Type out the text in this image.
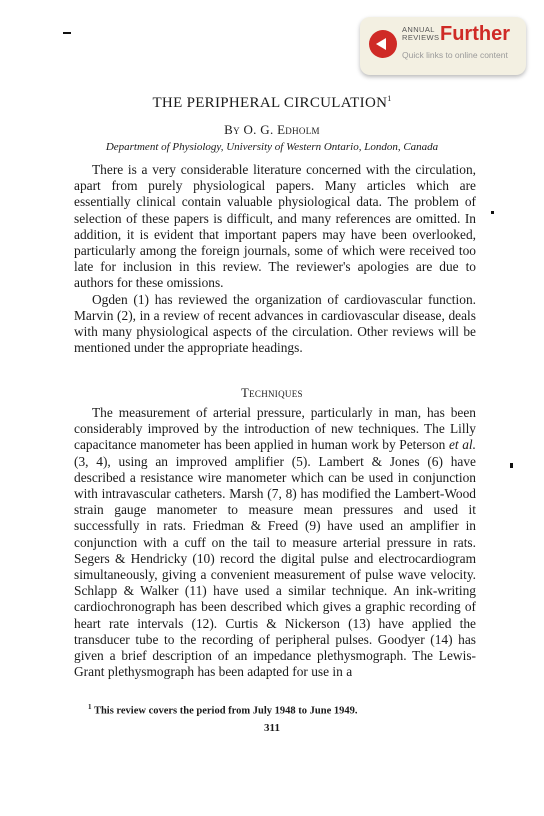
ANNUAL
REVIEWS Further
Quick links to online content
THE PERIPHERAL CIRCULATION$^1$
By O. G. Edholm
Department of Physiology, University of Western Ontario, London, Canada

There is a very considerable literature concerned with the circulation, apart from purely physiological papers. Many articles which are essentially clinical contain valuable physiological data. The problem of selection of these papers is difficult, and many references are omitted. In addition, it is evident that important papers may have been overlooked, particularly among the foreign journals, some of which were received too late for inclusion in this review. The reviewer's apologies are due to authors for these omissions.

Ogden (1) has reviewed the organization of cardiovascular function. Marvin (2), in a review of recent advances in cardiovascular disease, deals with many physiological aspects of the circulation. Other reviews will be mentioned under the appropriate headings.

Techniques

The measurement of arterial pressure, particularly in man, has been considerably improved by the introduction of new techniques. The Lilly capacitance manometer has been applied in human work by Peterson et al. (3, 4), using an improved amplifier (5). Lambert & Jones (6) have described a resistance wire manometer which can be used in conjunction with intravascular catheters. Marsh (7, 8) has modified the Lambert-Wood strain gauge manometer to measure mean pressures and used it successfully in rats. Friedman & Freed (9) have used an amplifier in conjunction with a cuff on the tail to measure arterial pressure in rats. Segers & Hendricky (10) record the digital pulse and electrocardiogram simultaneously, giving a convenient measurement of pulse wave velocity. Schlapp & Walker (11) have used a similar technique. An ink-writing cardiochronograph has been described which gives a graphic recording of heart rate intervals (12). Curtis & Nickerson (13) have applied the transducer tube to the recording of peripheral pulses. Goodyer (14) has given a brief description of an impedance plethysmograph. The Lewis-Grant plethysmograph has been adapted for use in a

$^1$ This review covers the period from July 1948 to June 1949.
311
